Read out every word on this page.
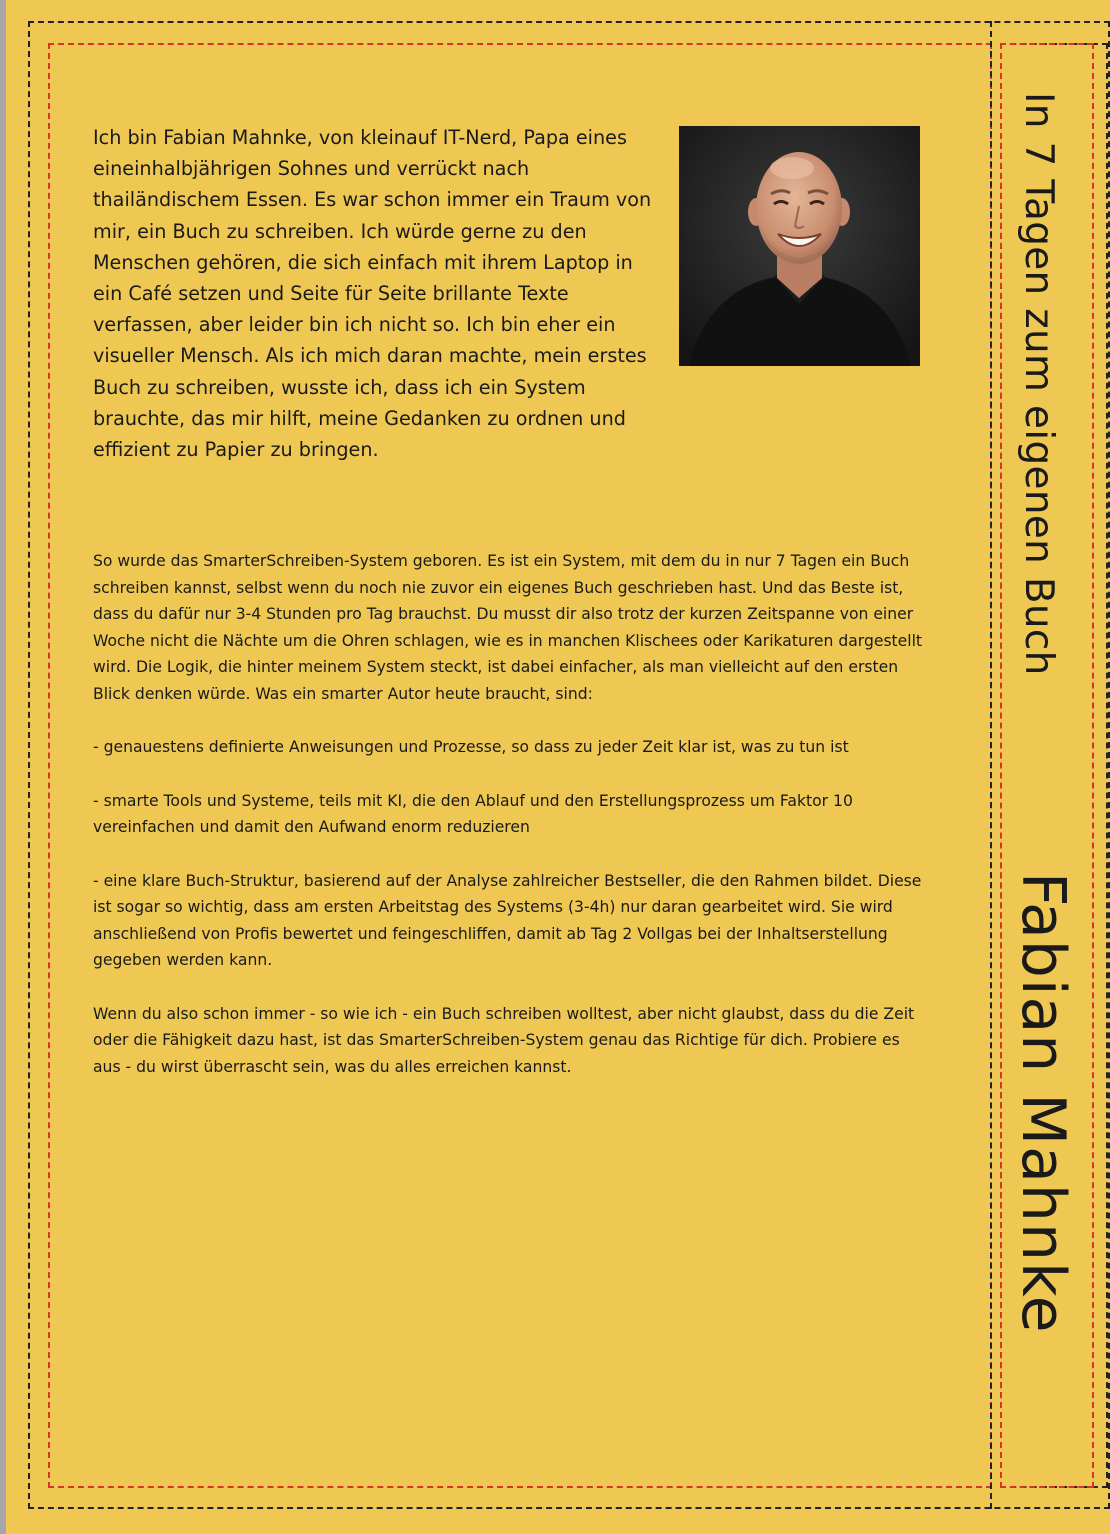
Ich bin Fabian Mahnke, von kleinauf IT-Nerd, Papa eines eineinhalbjährigen Sohnes und verrückt nach thailändischem Essen. Es war schon immer ein Traum von mir, ein Buch zu schreiben. Ich würde gerne zu den Menschen gehören, die sich einfach mit ihrem Laptop in ein Café setzen und Seite für Seite brillante Texte verfassen, aber leider bin ich nicht so. Ich bin eher ein visueller Mensch. Als ich mich daran machte, mein erstes Buch zu schreiben, wusste ich, dass ich ein System brauchte, das mir hilft, meine Gedanken zu ordnen und effizient zu Papier zu bringen.

So wurde das SmarterSchreiben-System geboren. Es ist ein System, mit dem du in nur 7 Tagen ein Buch schreiben kannst, selbst wenn du noch nie zuvor ein eigenes Buch geschrieben hast. Und das Beste ist, dass du dafür nur 3-4 Stunden pro Tag brauchst. Du musst dir also trotz der kurzen Zeitspanne von einer Woche nicht die Nächte um die Ohren schlagen, wie es in manchen Klischees oder Karikaturen dargestellt wird. Die Logik, die hinter meinem System steckt, ist dabei einfacher, als man vielleicht auf den ersten Blick denken würde. Was ein smarter Autor heute braucht, sind:

- genauestens definierte Anweisungen und Prozesse, so dass zu jeder Zeit klar ist, was zu tun ist

- smarte Tools und Systeme, teils mit KI, die den Ablauf und den Erstellungsprozess um Faktor 10 vereinfachen und damit den Aufwand enorm reduzieren

- eine klare Buch-Struktur, basierend auf der Analyse zahlreicher Bestseller, die den Rahmen bildet. Diese ist sogar so wichtig, dass am ersten Arbeitstag des Systems (3-4h) nur daran gearbeitet wird. Sie wird anschließend von Profis bewertet und feingeschliffen, damit ab Tag 2 Vollgas bei der Inhaltserstellung gegeben werden kann.

Wenn du also schon immer - so wie ich - ein Buch schreiben wolltest, aber nicht glaubst, dass du die Zeit oder die Fähigkeit dazu hast, ist das SmarterSchreiben-System genau das Richtige für dich. Probiere es aus - du wirst überrascht sein, was du alles erreichen kannst.

In 7 Tagen zum eigenen Buch
Fabian Mahnke
